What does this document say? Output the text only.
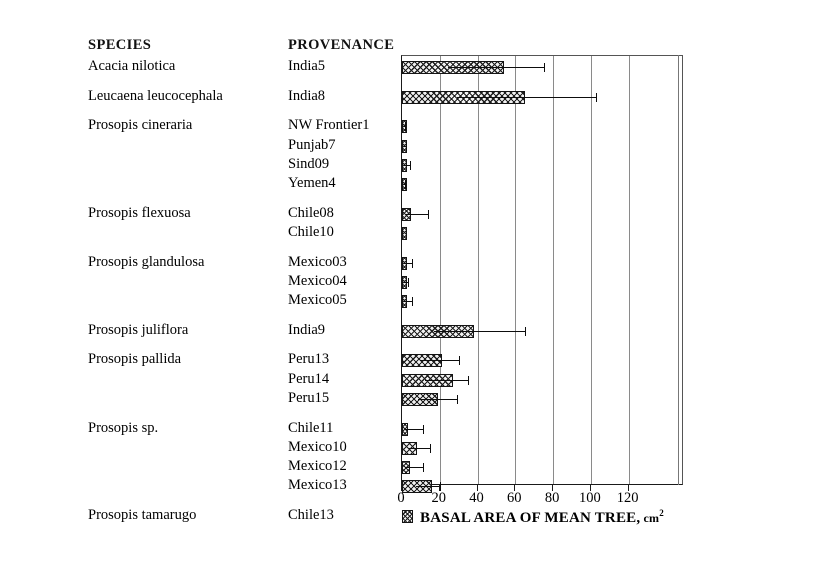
SPECIES	PROVENANCE
Acacia nilotica	India5
Leucaena leucocephala	India8
Prosopis cineraria	NW Frontier1
Punjab7
Sind09
Yemen4
Prosopis flexuosa	Chile08
Chile10
Prosopis glandulosa	Mexico03
Mexico04
Mexico05
Prosopis juliflora	India9
Prosopis pallida	Peru13
Peru14
Peru15
Prosopis sp.	Chile11
Mexico10
Mexico12
Mexico13
Prosopis tamarugo	Chile13
0 20 40 60 80 100 120
BASAL AREA OF MEAN TREE, $cm^2$
